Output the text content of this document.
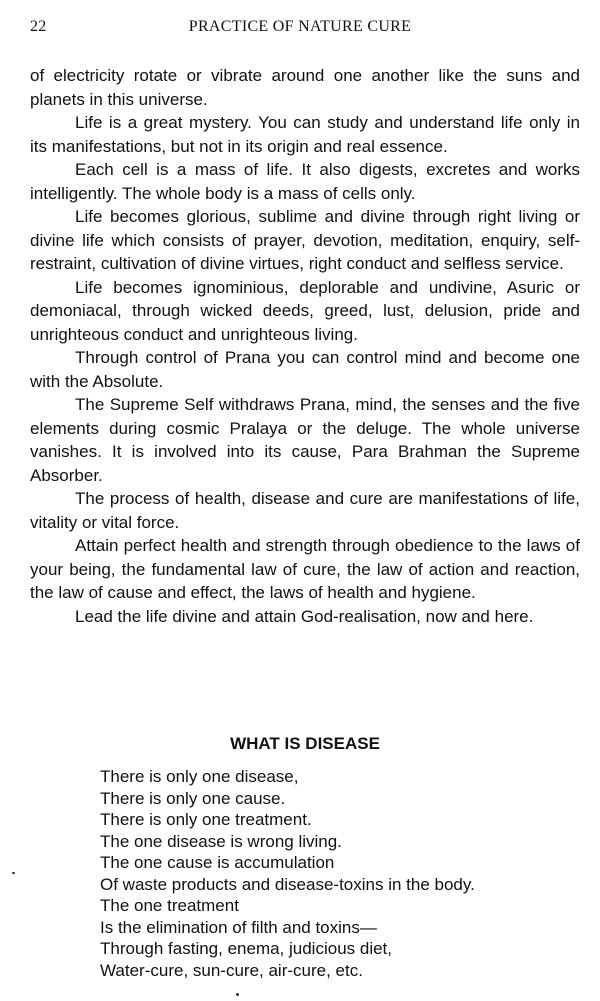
22	PRACTICE OF NATURE CURE

of electricity rotate or vibrate around one another like the suns and planets in this universe.

Life is a great mystery. You can study and understand life only in its manifestations, but not in its origin and real essence.

Each cell is a mass of life. It also digests, excretes and works intelligently. The whole body is a mass of cells only.

Life becomes glorious, sublime and divine through right living or divine life which consists of prayer, devotion, meditation, enquiry, self-restraint, cultivation of divine virtues, right conduct and selfless service.

Life becomes ignominious, deplorable and undivine, Asuric or demoniacal, through wicked deeds, greed, lust, delusion, pride and unrighteous conduct and unrighteous living.

Through control of Prana you can control mind and become one with the Absolute.

The Supreme Self withdraws Prana, mind, the senses and the five elements during cosmic Pralaya or the deluge. The whole universe vanishes. It is involved into its cause, Para Brahman the Supreme Absorber.

The process of health, disease and cure are manifestations of life, vitality or vital force.

Attain perfect health and strength through obedience to the laws of your being, the fundamental law of cure, the law of action and reaction, the law of cause and effect, the laws of health and hygiene.

Lead the life divine and attain God-realisation, now and here.

WHAT IS DISEASE
There is only one disease,
There is only one cause.
There is only one treatment.
The one disease is wrong living.
The one cause is accumulation
Of waste products and disease-toxins in the body.
The one treatment
Is the elimination of filth and toxins—
Through fasting, enema, judicious diet,
Water-cure, sun-cure, air-cure, etc.
